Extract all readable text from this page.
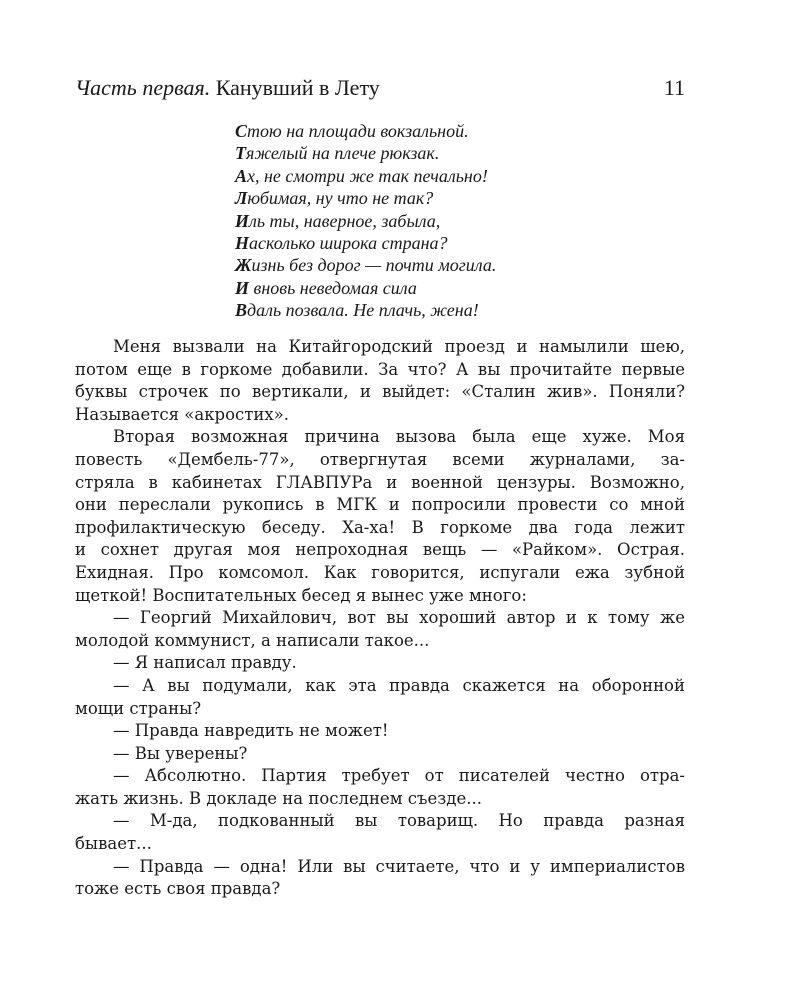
Часть первая. Канувший в Лету	11
Стою на площади вокзальной.
Тяжелый на плече рюкзак.
Ах, не смотри же так печально!
Любимая, ну что не так?
Иль ты, наверное, забыла,
Насколько широка страна?
Жизнь без дорог — почти могила.
И вновь неведомая сила
Вдаль позвала. Не плачь, жена!
Меня вызвали на Китайгородский проезд и намылили шею,
потом еще в горкоме добавили. За что? А вы прочитайте первые
буквы строчек по вертикали, и выйдет: «Сталин жив». Поняли?
Называется «акростих».
Вторая возможная причина вызова была еще хуже. Моя
повесть «Дембель-77», отвергнутая всеми журналами, за-
стряла в кабинетах ГЛАВПУРа и военной цензуры. Возможно,
они переслали рукопись в МГК и попросили провести со мной
профилактическую беседу. Ха-ха! В горкоме два года лежит
и сохнет другая моя непроходная вещь — «Райком». Острая.
Ехидная. Про комсомол. Как говорится, испугали ежа зубной
щеткой! Воспитательных бесед я вынес уже много:
— Георгий Михайлович, вот вы хороший автор и к тому же
молодой коммунист, а написали такое...
— Я написал правду.
— А вы подумали, как эта правда скажется на оборонной
мощи страны?
— Правда навредить не может!
— Вы уверены?
— Абсолютно. Партия требует от писателей честно отра-
жать жизнь. В докладе на последнем съезде...
— М-да, подкованный вы товарищ. Но правда разная
бывает...
— Правда — одна! Или вы считаете, что и у империалистов
тоже есть своя правда?
